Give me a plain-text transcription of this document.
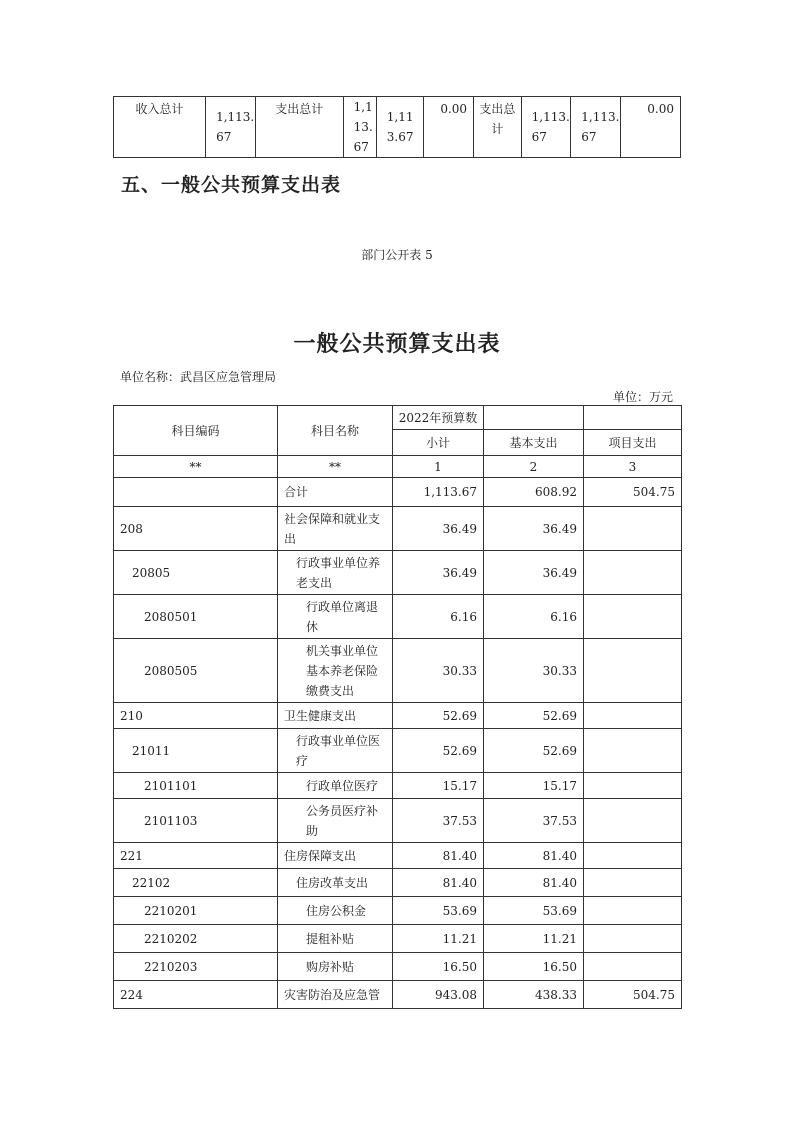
收入总计	1,113.67	支出总计	1,113.67	1,113.67	0.00	支出总计	1,113.67	1,113.67	0.00
五、一般公共预算支出表
部门公开表 5
一般公共预算支出表
单位名称：武昌区应急管理局
单位：万元
科目编码	科目名称	2022年预算数		
		小计	基本支出	项目支出
**	**	1	2	3
	合计	1,113.67	608.92	504.75
208	社会保障和就业支出	36.49	36.49	
20805	行政事业单位养老支出	36.49	36.49	
2080501	行政单位离退休	6.16	6.16	
2080505	机关事业单位基本养老保险缴费支出	30.33	30.33	
210	卫生健康支出	52.69	52.69	
21011	行政事业单位医疗	52.69	52.69	
2101101	行政单位医疗	15.17	15.17	
2101103	公务员医疗补助	37.53	37.53	
221	住房保障支出	81.40	81.40	
22102	住房改革支出	81.40	81.40	
2210201	住房公积金	53.69	53.69	
2210202	提租补贴	11.21	11.21	
2210203	购房补贴	16.50	16.50	
224	灾害防治及应急管	943.08	438.33	504.75
